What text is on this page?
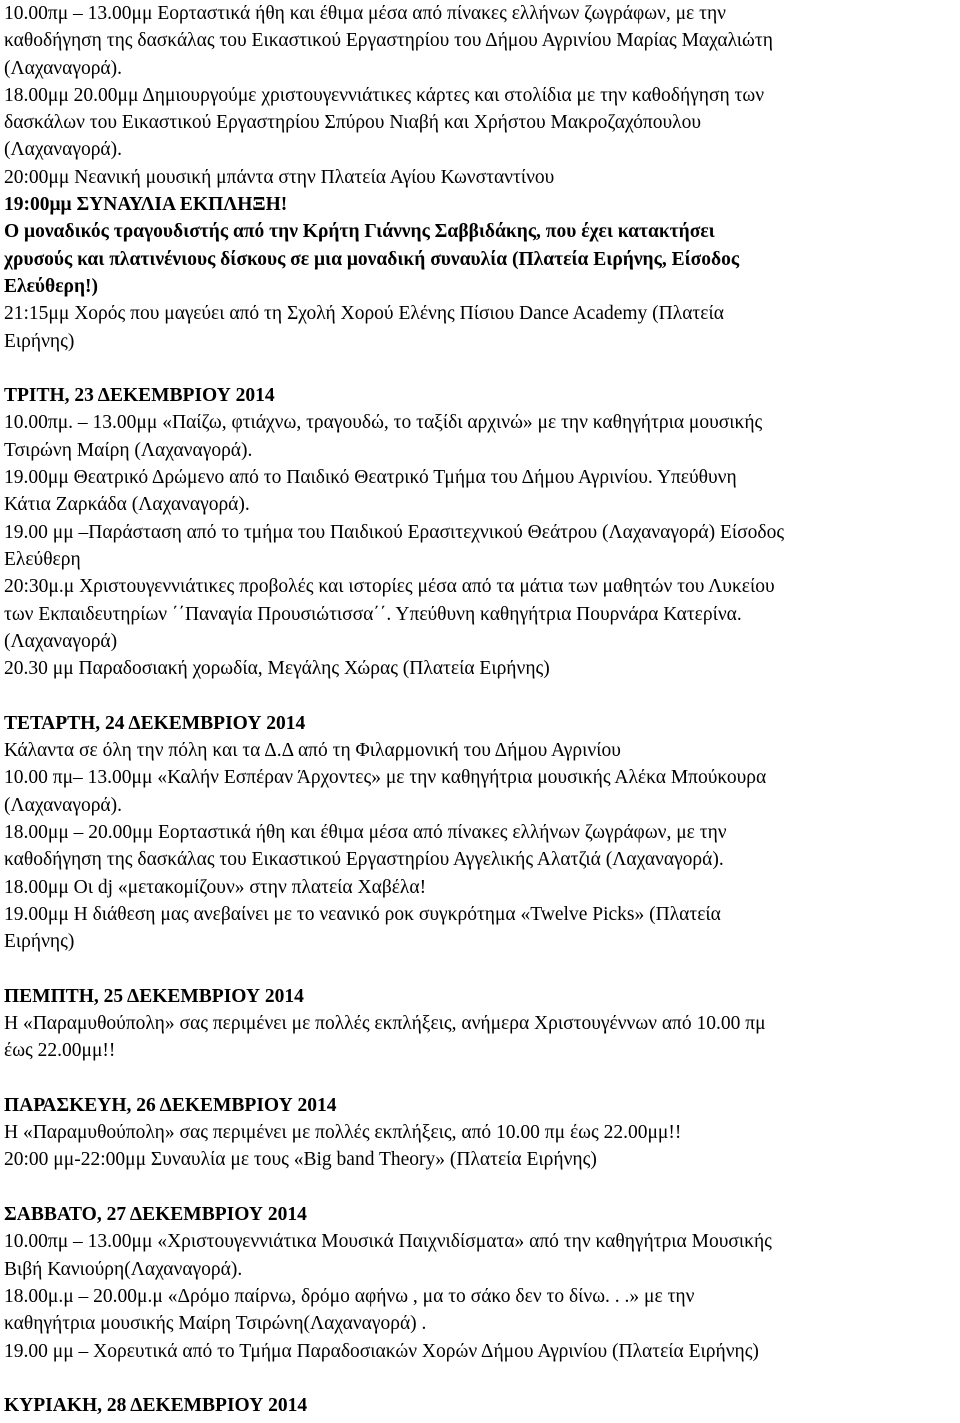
10.00πμ – 13.00μμ Εορταστικά ήθη και έθιμα μέσα από πίνακες ελλήνων ζωγράφων, με την
καθοδήγηση της δασκάλας του Εικαστικού Εργαστηρίου του Δήμου Αγρινίου Μαρίας Μαχαλιώτη
(Λαχαναγορά).
18.00μμ 20.00μμ Δημιουργούμε χριστουγεννιάτικες κάρτες και στολίδια με την καθοδήγηση των
δασκάλων του Εικαστικού Εργαστηρίου Σπύρου Νιαβή και Χρήστου Μακροζαχόπουλου
(Λαχαναγορά).
20:00μμ Νεανική μουσική μπάντα στην Πλατεία Αγίου Κωνσταντίνου
19:00μμ ΣΥΝΑΥΛΙΑ ΕΚΠΛΗΞΗ!
Ο μοναδικός τραγουδιστής από την Κρήτη Γιάννης Σαββιδάκης, που έχει κατακτήσει
χρυσούς και πλατινένιους δίσκους σε μια μοναδική συναυλία (Πλατεία Ειρήνης, Είσοδος
Ελεύθερη!)
21:15μμ Χορός που μαγεύει από τη Σχολή Χορού Ελένης Πίσιου Dance Academy (Πλατεία
Ειρήνης)
ΤΡΙΤΗ, 23 ΔΕΚΕΜΒΡΙΟΥ 2014
10.00πμ. – 13.00μμ «Παίζω, φτιάχνω, τραγουδώ, το ταξίδι αρχινώ» με την καθηγήτρια μουσικής
Τσιρώνη Μαίρη (Λαχαναγορά).
19.00μμ Θεατρικό Δρώμενο από το Παιδικό Θεατρικό Τμήμα του Δήμου Αγρινίου. Υπεύθυνη
Κάτια Ζαρκάδα (Λαχαναγορά).
19.00 μμ –Παράσταση από το τμήμα του Παιδικού Ερασιτεχνικού Θεάτρου (Λαχαναγορά) Είσοδος
Ελεύθερη
20:30μ.μ Χριστουγεννιάτικες προβολές και ιστορίες μέσα από τα μάτια των μαθητών του Λυκείου
των Εκπαιδευτηρίων ΄΄Παναγία Προυσιώτισσα΄΄. Υπεύθυνη καθηγήτρια Πουρνάρα Κατερίνα.
(Λαχαναγορά)
20.30 μμ Παραδοσιακή χορωδία, Μεγάλης Χώρας (Πλατεία Ειρήνης)
ΤΕΤΑΡΤΗ, 24 ΔΕΚΕΜΒΡΙΟΥ 2014
Κάλαντα σε όλη την πόλη και τα Δ.Δ από τη Φιλαρμονική του Δήμου Αγρινίου
10.00 πμ– 13.00μμ «Καλήν Εσπέραν Άρχοντες» με την καθηγήτρια μουσικής Αλέκα Μπούκουρα
(Λαχαναγορά).
18.00μμ – 20.00μμ Εορταστικά ήθη και έθιμα μέσα από πίνακες ελλήνων ζωγράφων, με την
καθοδήγηση της δασκάλας του Εικαστικού Εργαστηρίου Αγγελικής Αλατζιά (Λαχαναγορά).
18.00μμ Οι dj «μετακομίζουν» στην πλατεία Χαβέλα!
19.00μμ Η διάθεση μας ανεβαίνει με το νεανικό ροκ συγκρότημα «Twelve Picks» (Πλατεία
Ειρήνης)
ΠΕΜΠΤΗ, 25 ΔΕΚΕΜΒΡΙΟΥ 2014
Η «Παραμυθούπολη» σας περιμένει με πολλές εκπλήξεις, ανήμερα Χριστουγέννων από 10.00 πμ
έως 22.00μμ!!
ΠΑΡΑΣΚΕΥΗ, 26 ΔΕΚΕΜΒΡΙΟΥ 2014
Η «Παραμυθούπολη» σας περιμένει με πολλές εκπλήξεις, από 10.00 πμ έως 22.00μμ!!
20:00 μμ-22:00μμ Συναυλία με τους «Big band Theory» (Πλατεία Ειρήνης)
ΣΑΒΒΑΤΟ, 27 ΔΕΚΕΜΒΡΙΟΥ 2014
10.00πμ – 13.00μμ «Χριστουγεννιάτικα Μουσικά Παιχνιδίσματα» από την καθηγήτρια Μουσικής
Βιβή Κανιούρη(Λαχαναγορά).
18.00μ.μ – 20.00μ.μ «Δρόμο παίρνω, δρόμο αφήνω , μα το σάκο δεν το δίνω. . .» με την
καθηγήτρια μουσικής Μαίρη Τσιρώνη(Λαχαναγορά) .
19.00 μμ – Χορευτικά από το Τμήμα Παραδοσιακών Χορών Δήμου Αγρινίου (Πλατεία Ειρήνης)
ΚΥΡΙΑΚΗ, 28 ΔΕΚΕΜΒΡΙΟΥ 2014
